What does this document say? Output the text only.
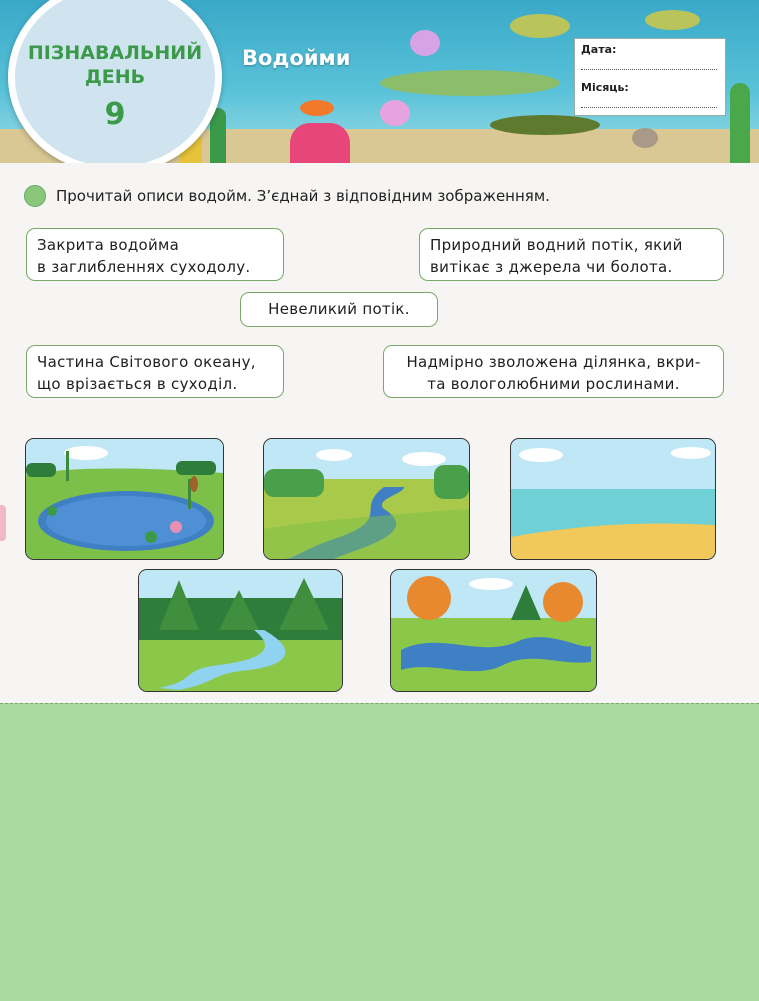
ПІЗНАВАЛЬНИЙ
ДЕНЬ
9
Водойми	Дата:
Місяць:
Прочитай описи водойм. З’єднай з відповідним зображенням.
Закрита водойма
в заглибленнях суходолу.
Природний водний потік, який
витікає з джерела чи болота.
Невеликий потік.
Частина Світового океану,
що врізається в суходіл.
Надмірно зволожена ділянка, вкри-
та вологолюбними рослинами.
